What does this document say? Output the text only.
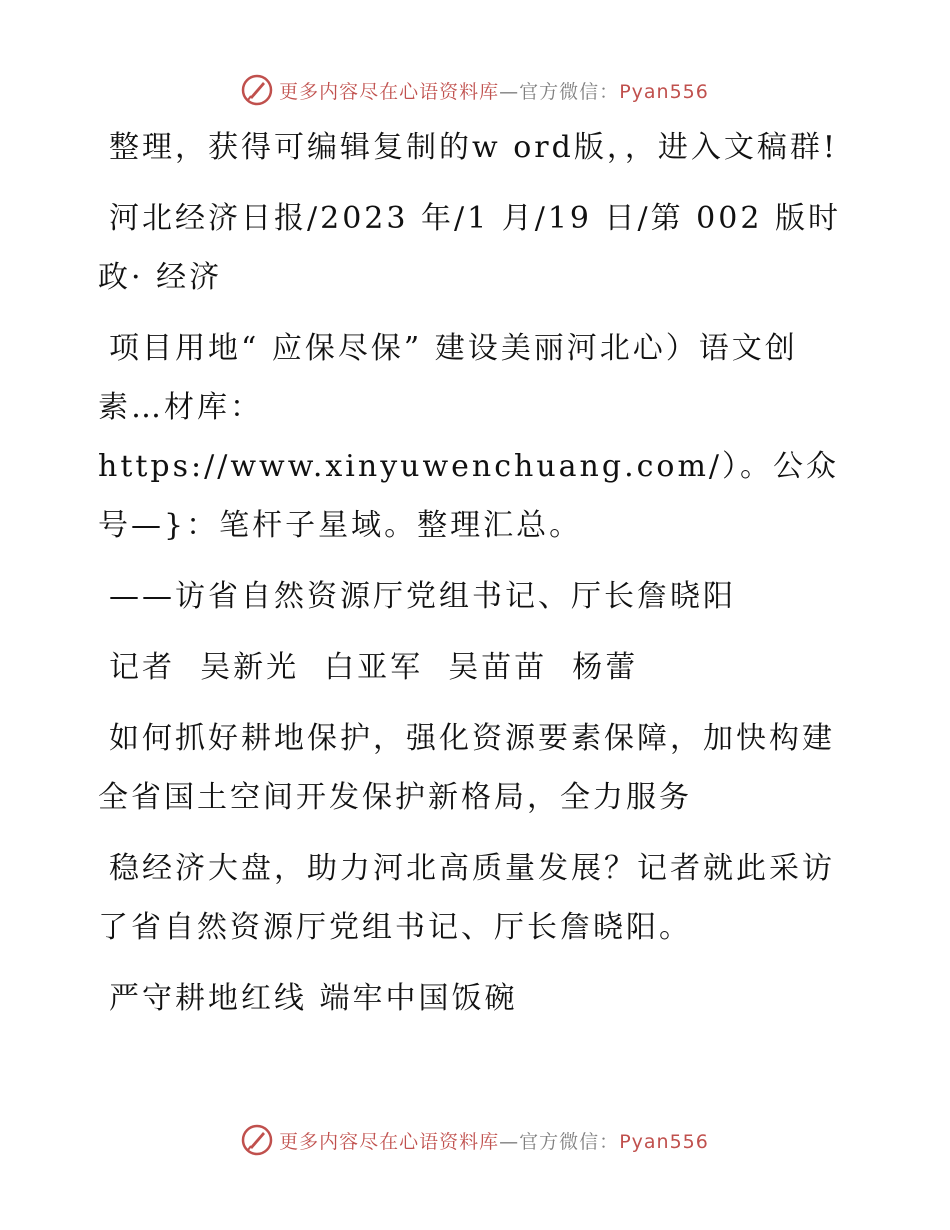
更多内容尽在心语资料库—官方微信：Pyan556

整理，获得可编辑复制的w ord版，，进入文稿群!

河北经济日报/2023 年/1 月/19 日/第 002 版时政· 经济

项目用地“ 应保尽保” 建设美丽河北心）语文创素…材库：https://www.xinyuwenchuang.com/）。公众号—}：笔杆子星域。整理汇总。

——访省自然资源厅党组书记、厅长詹晓阳

记者  吴新光  白亚军  吴苗苗  杨蕾

如何抓好耕地保护，强化资源要素保障，加快构建全省国土空间开发保护新格局，全力服务

稳经济大盘，助力河北高质量发展？记者就此采访了省自然资源厅党组书记、厅长詹晓阳。

严守耕地红线 端牢中国饭碗

更多内容尽在心语资料库—官方微信：Pyan556
